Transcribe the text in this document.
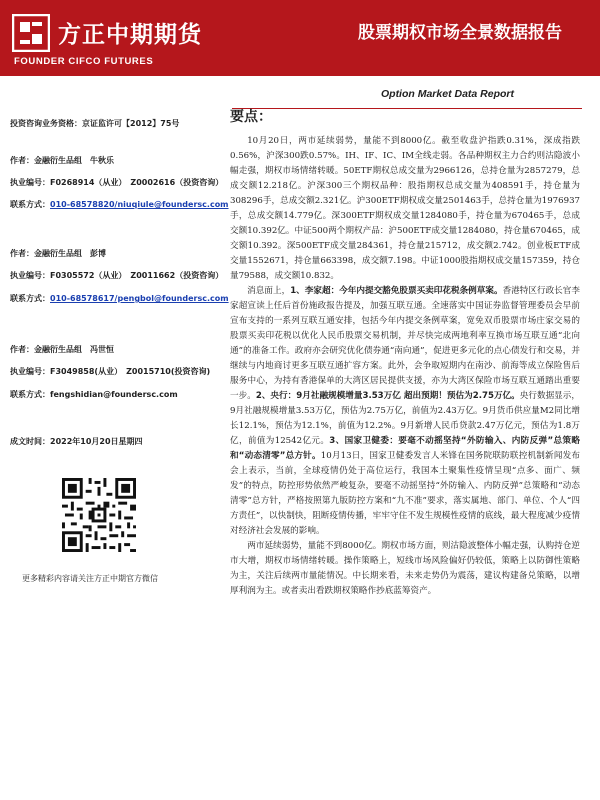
方正中期期货
FOUNDER CIFCO FUTURES
股票期权市场全景数据报告
Option Market Data Report
投资咨询业务资格：京证监许可【2012】75号
作者：金融衍生品组　牛秋乐
执业编号：F0268914（从业）　Z0002616（投资咨询）
联系方式：010-68578820/niuqiule@foundersc.com
作者：金融衍生品组　彭博
执业编号：F0305572（从业）　Z0011662（投资咨询）
联系方式：010-68578617/pengbol@foundersc.com
作者：金融衍生品组　冯世恒
执业编号：F3049858(从业）　Z0015710(投资咨询)
联系方式：fengshidian@foundersc.com
成文时间：2022年10月20日星期四
更多精彩内容请关注方正中期官方微信
要点：

10月20日，两市延续弱势，量能不到8000亿。截至收盘沪指跌0.31%，深成指跌0.56%，沪深300跌0.57%。IH、IF、IC、IM全线走弱。各品种期权主力合约则沽隐波小幅走强，期权市场情绪转暖。50ETF期权总成交量为2966126，总持仓量为2857279，总成交额12.218亿。沪深300三个期权品种：股指期权总成交量为408591手，持仓量为308296手，总成交额2.321亿。沪300ETF期权成交量2501463手，总持仓量为1976937手，总成交额14.779亿。深300ETF期权成交量1284080手，持仓量为670465手，总成交额10.392亿。中证500两个期权产品：沪500ETF成交量1284080，持仓量670465，成交额10.392。深500ETF成交量284361，持仓量215712，成交额2.742。创业板ETF成交量1552671，持仓量663398，成交额7.198。中证1000股指期权成交量157359，持仓量79588，成交额10.832。

消息面上，1、李家超：今年内提交豁免股票买卖印花税条例草案。香港特区行政长官李家超宣读上任后首份施政报告提及，加强互联互通。全速落实中国证券监督管理委员会早前宣布支持的一系列互联互通安排，包括今年内提交条例草案，宽免双币股票市场庄家交易的股票买卖印花税以优化人民币股票交易机制，并尽快完成两地利率互换市场互联互通“北向通”的准备工作。政府亦会研究优化债券通“南向通”，促进更多元化的点心债发行和交易，并继续与内地商讨更多互联互通扩容方案。此外，会争取短期内在南沙、前海等成立保险售后服务中心，为持有香港保单的大湾区居民提供支援，亦为大湾区保险市场互联互通踏出重要一步。2、央行：9月社融规模增量3.53万亿 超出预期！预估为2.75万亿。央行数据显示，9月社融规模增量3.53万亿，预估为2.75万亿，前值为2.43万亿。9月货币供应量M2同比增长12.1%，预估为12.1%，前值为12.2%。9月新增人民币贷款2.47万亿元，预估为1.8万亿，前值为12542亿元。3、国家卫健委：要毫不动摇坚持“外防输入、内防反弹”总策略和“动态清零”总方针。10月13日，国家卫健委发言人米锋在国务院联防联控机制新闻发布会上表示，当前，全球疫情仍处于高位运行，我国本土聚集性疫情呈现“点多、面广、频发”的特点，防控形势依然严峻复杂，要毫不动摇坚持“外防输入、内防反弹”总策略和“动态清零”总方针，严格按照第九版防控方案和“九不准”要求，落实属地、部门、单位、个人“四方责任”，以快制快，阻断疫情传播，牢牢守住不发生规模性疫情的底线，最大程度减少疫情对经济社会发展的影响。

两市延续弱势，量能不到8000亿。期权市场方面，则沽隐波整体小幅走强，认购持仓逆市大增，期权市场情绪转暖。操作策略上，短线市场风险偏好仍较低，策略上以防御性策略为主，关注后续两市量能情况。中长期来看，未来走势仍为震荡，建议构建备兑策略，以增厚利润为主。或者卖出看跌期权策略作抄底蓝筹资产。
